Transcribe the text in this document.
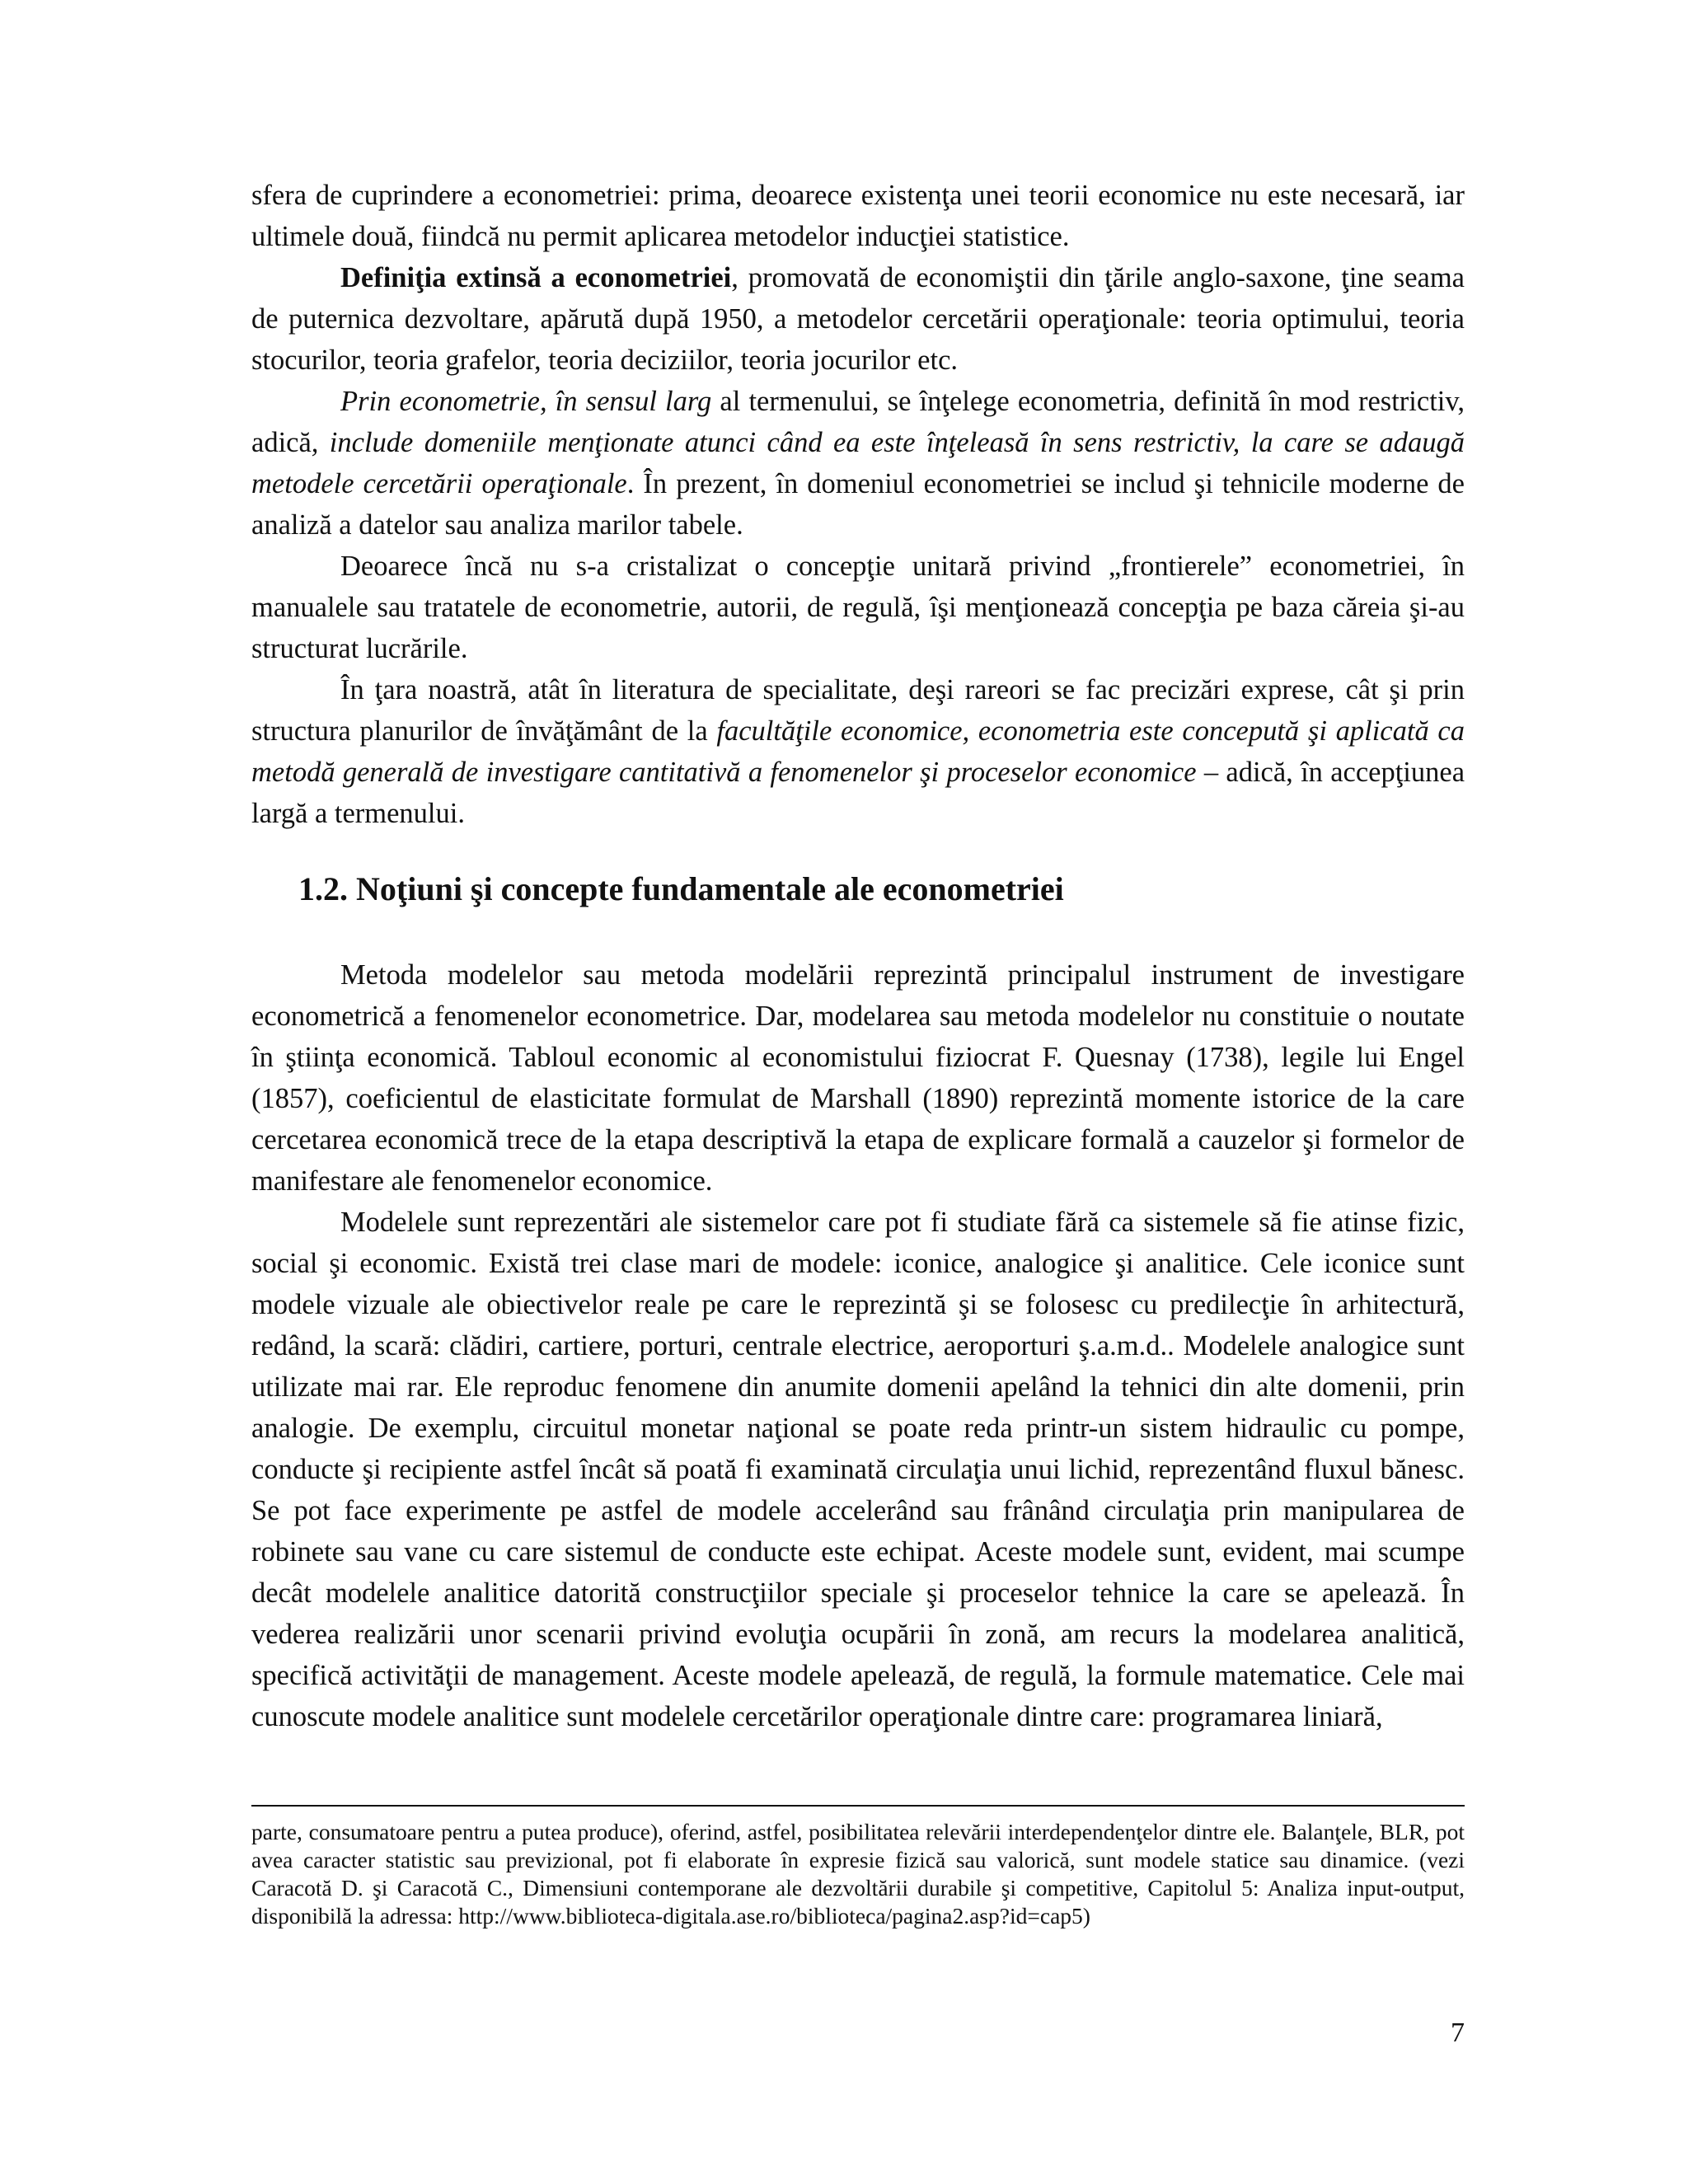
sfera de cuprindere a econometriei: prima, deoarece existenţa unei teorii economice nu este necesară, iar ultimele două, fiindcă nu permit aplicarea metodelor inducţiei statistice.

Definiţia extinsă a econometriei, promovată de economiştii din ţările anglo-saxone, ţine seama de puternica dezvoltare, apărută după 1950, a metodelor cercetării operaţionale: teoria optimului, teoria stocurilor, teoria grafelor, teoria deciziilor, teoria jocurilor etc.

Prin econometrie, în sensul larg al termenului, se înţelege econometria, definită în mod restrictiv, adică, include domeniile menţionate atunci când ea este înţeleasă în sens restrictiv, la care se adaugă metodele cercetării operaţionale. În prezent, în domeniul econometriei se includ şi tehnicile moderne de analiză a datelor sau analiza marilor tabele.

Deoarece încă nu s-a cristalizat o concepţie unitară privind „frontierele” econometriei, în manualele sau tratatele de econometrie, autorii, de regulă, îşi menţionează concepţia pe baza căreia şi-au structurat lucrările.

În ţara noastră, atât în literatura de specialitate, deşi rareori se fac precizări exprese, cât şi prin structura planurilor de învăţământ de la facultăţile economice, econometria este concepută şi aplicată ca metodă generală de investigare cantitativă a fenomenelor şi proceselor economice – adică, în accepţiunea largă a termenului.

1.2. Noţiuni şi concepte fundamentale ale econometriei

Metoda modelelor sau metoda modelării reprezintă principalul instrument de investigare econometrică a fenomenelor econometrice. Dar, modelarea sau metoda modelelor nu constituie o noutate în ştiinţa economică. Tabloul economic al economistului fiziocrat F. Quesnay (1738), legile lui Engel (1857), coeficientul de elasticitate formulat de Marshall (1890) reprezintă momente istorice de la care cercetarea economică trece de la etapa descriptivă la etapa de explicare formală a cauzelor şi formelor de manifestare ale fenomenelor economice.

Modelele sunt reprezentări ale sistemelor care pot fi studiate fără ca sistemele să fie atinse fizic, social şi economic. Există trei clase mari de modele: iconice, analogice şi analitice. Cele iconice sunt modele vizuale ale obiectivelor reale pe care le reprezintă şi se folosesc cu predilecţie în arhitectură, redând, la scară: clădiri, cartiere, porturi, centrale electrice, aeroporturi ş.a.m.d.. Modelele analogice sunt utilizate mai rar. Ele reproduc fenomene din anumite domenii apelând la tehnici din alte domenii, prin analogie. De exemplu, circuitul monetar naţional se poate reda printr-un sistem hidraulic cu pompe, conducte şi recipiente astfel încât să poată fi examinată circulaţia unui lichid, reprezentând fluxul bănesc. Se pot face experimente pe astfel de modele accelerând sau frânând circulaţia prin manipularea de robinete sau vane cu care sistemul de conducte este echipat. Aceste modele sunt, evident, mai scumpe decât modelele analitice datorită construcţiilor speciale şi proceselor tehnice la care se apelează. În vederea realizării unor scenarii privind evoluţia ocupării în zonă, am recurs la modelarea analitică, specifică activităţii de management. Aceste modele apelează, de regulă, la formule matematice. Cele mai cunoscute modele analitice sunt modelele cercetărilor operaţionale dintre care: programarea liniară,

parte, consumatoare pentru a putea produce), oferind, astfel, posibilitatea relevării interdependenţelor dintre ele. Balanţele, BLR, pot avea caracter statistic sau previzional, pot fi elaborate în expresie fizică sau valorică, sunt modele statice sau dinamice. (vezi Caracotă D. şi Caracotă C., Dimensiuni contemporane ale dezvoltării durabile şi competitive, Capitolul 5: Analiza input-output, disponibilă la adressa: http://www.biblioteca-digitala.ase.ro/biblioteca/pagina2.asp?id=cap5)
7
